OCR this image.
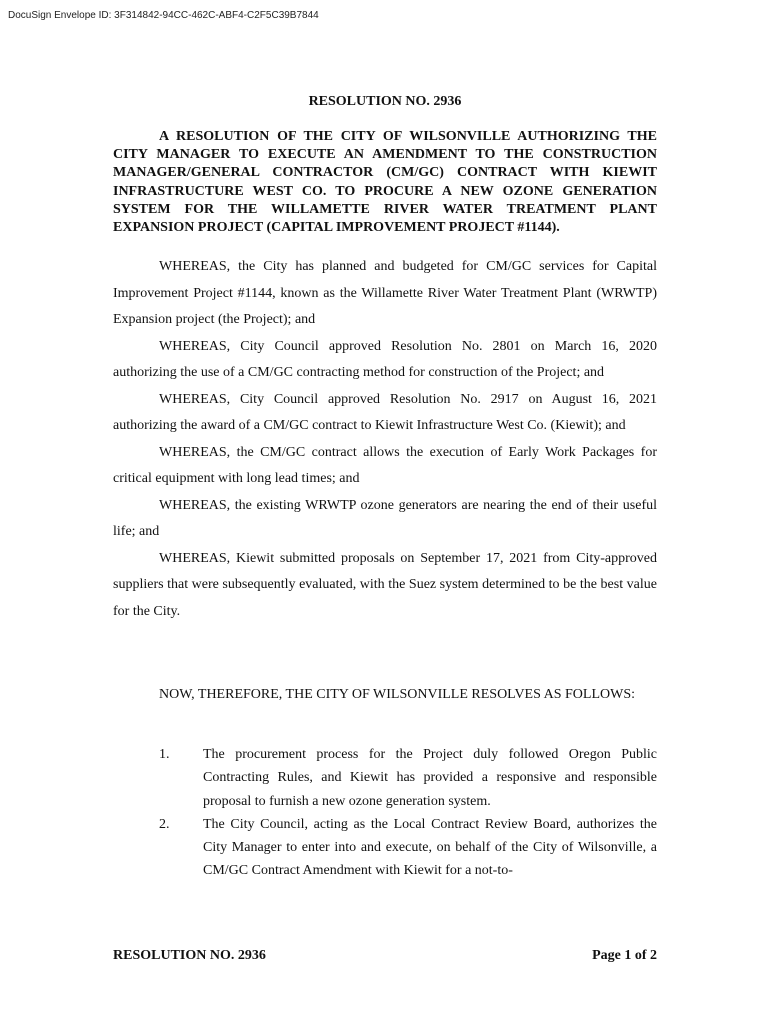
DocuSign Envelope ID: 3F314842-94CC-462C-ABF4-C2F5C39B7844

RESOLUTION NO. 2936

A RESOLUTION OF THE CITY OF WILSONVILLE AUTHORIZING THE CITY MANAGER TO EXECUTE AN AMENDMENT TO THE CONSTRUCTION MANAGER/GENERAL CONTRACTOR (CM/GC) CONTRACT WITH KIEWIT INFRASTRUCTURE WEST CO. TO PROCURE A NEW OZONE GENERATION SYSTEM FOR THE WILLAMETTE RIVER WATER TREATMENT PLANT EXPANSION PROJECT (CAPITAL IMPROVEMENT PROJECT #1144).

WHEREAS, the City has planned and budgeted for CM/GC services for Capital Improvement Project #1144, known as the Willamette River Water Treatment Plant (WRWTP) Expansion project (the Project); and

WHEREAS, City Council approved Resolution No. 2801 on March 16, 2020 authorizing the use of a CM/GC contracting method for construction of the Project; and

WHEREAS, City Council approved Resolution No. 2917 on August 16, 2021 authorizing the award of a CM/GC contract to Kiewit Infrastructure West Co. (Kiewit); and

WHEREAS, the CM/GC contract allows the execution of Early Work Packages for critical equipment with long lead times; and

WHEREAS, the existing WRWTP ozone generators are nearing the end of their useful life; and

WHEREAS, Kiewit submitted proposals on September 17, 2021 from City-approved suppliers that were subsequently evaluated, with the Suez system determined to be the best value for the City.

NOW, THEREFORE, THE CITY OF WILSONVILLE RESOLVES AS FOLLOWS:

1.	The procurement process for the Project duly followed Oregon Public Contracting Rules, and Kiewit has provided a responsive and responsible proposal to furnish a new ozone generation system.
2.	The City Council, acting as the Local Contract Review Board, authorizes the City Manager to enter into and execute, on behalf of the City of Wilsonville, a CM/GC Contract Amendment with Kiewit for a not-to-

RESOLUTION NO. 2936	Page 1 of 2
